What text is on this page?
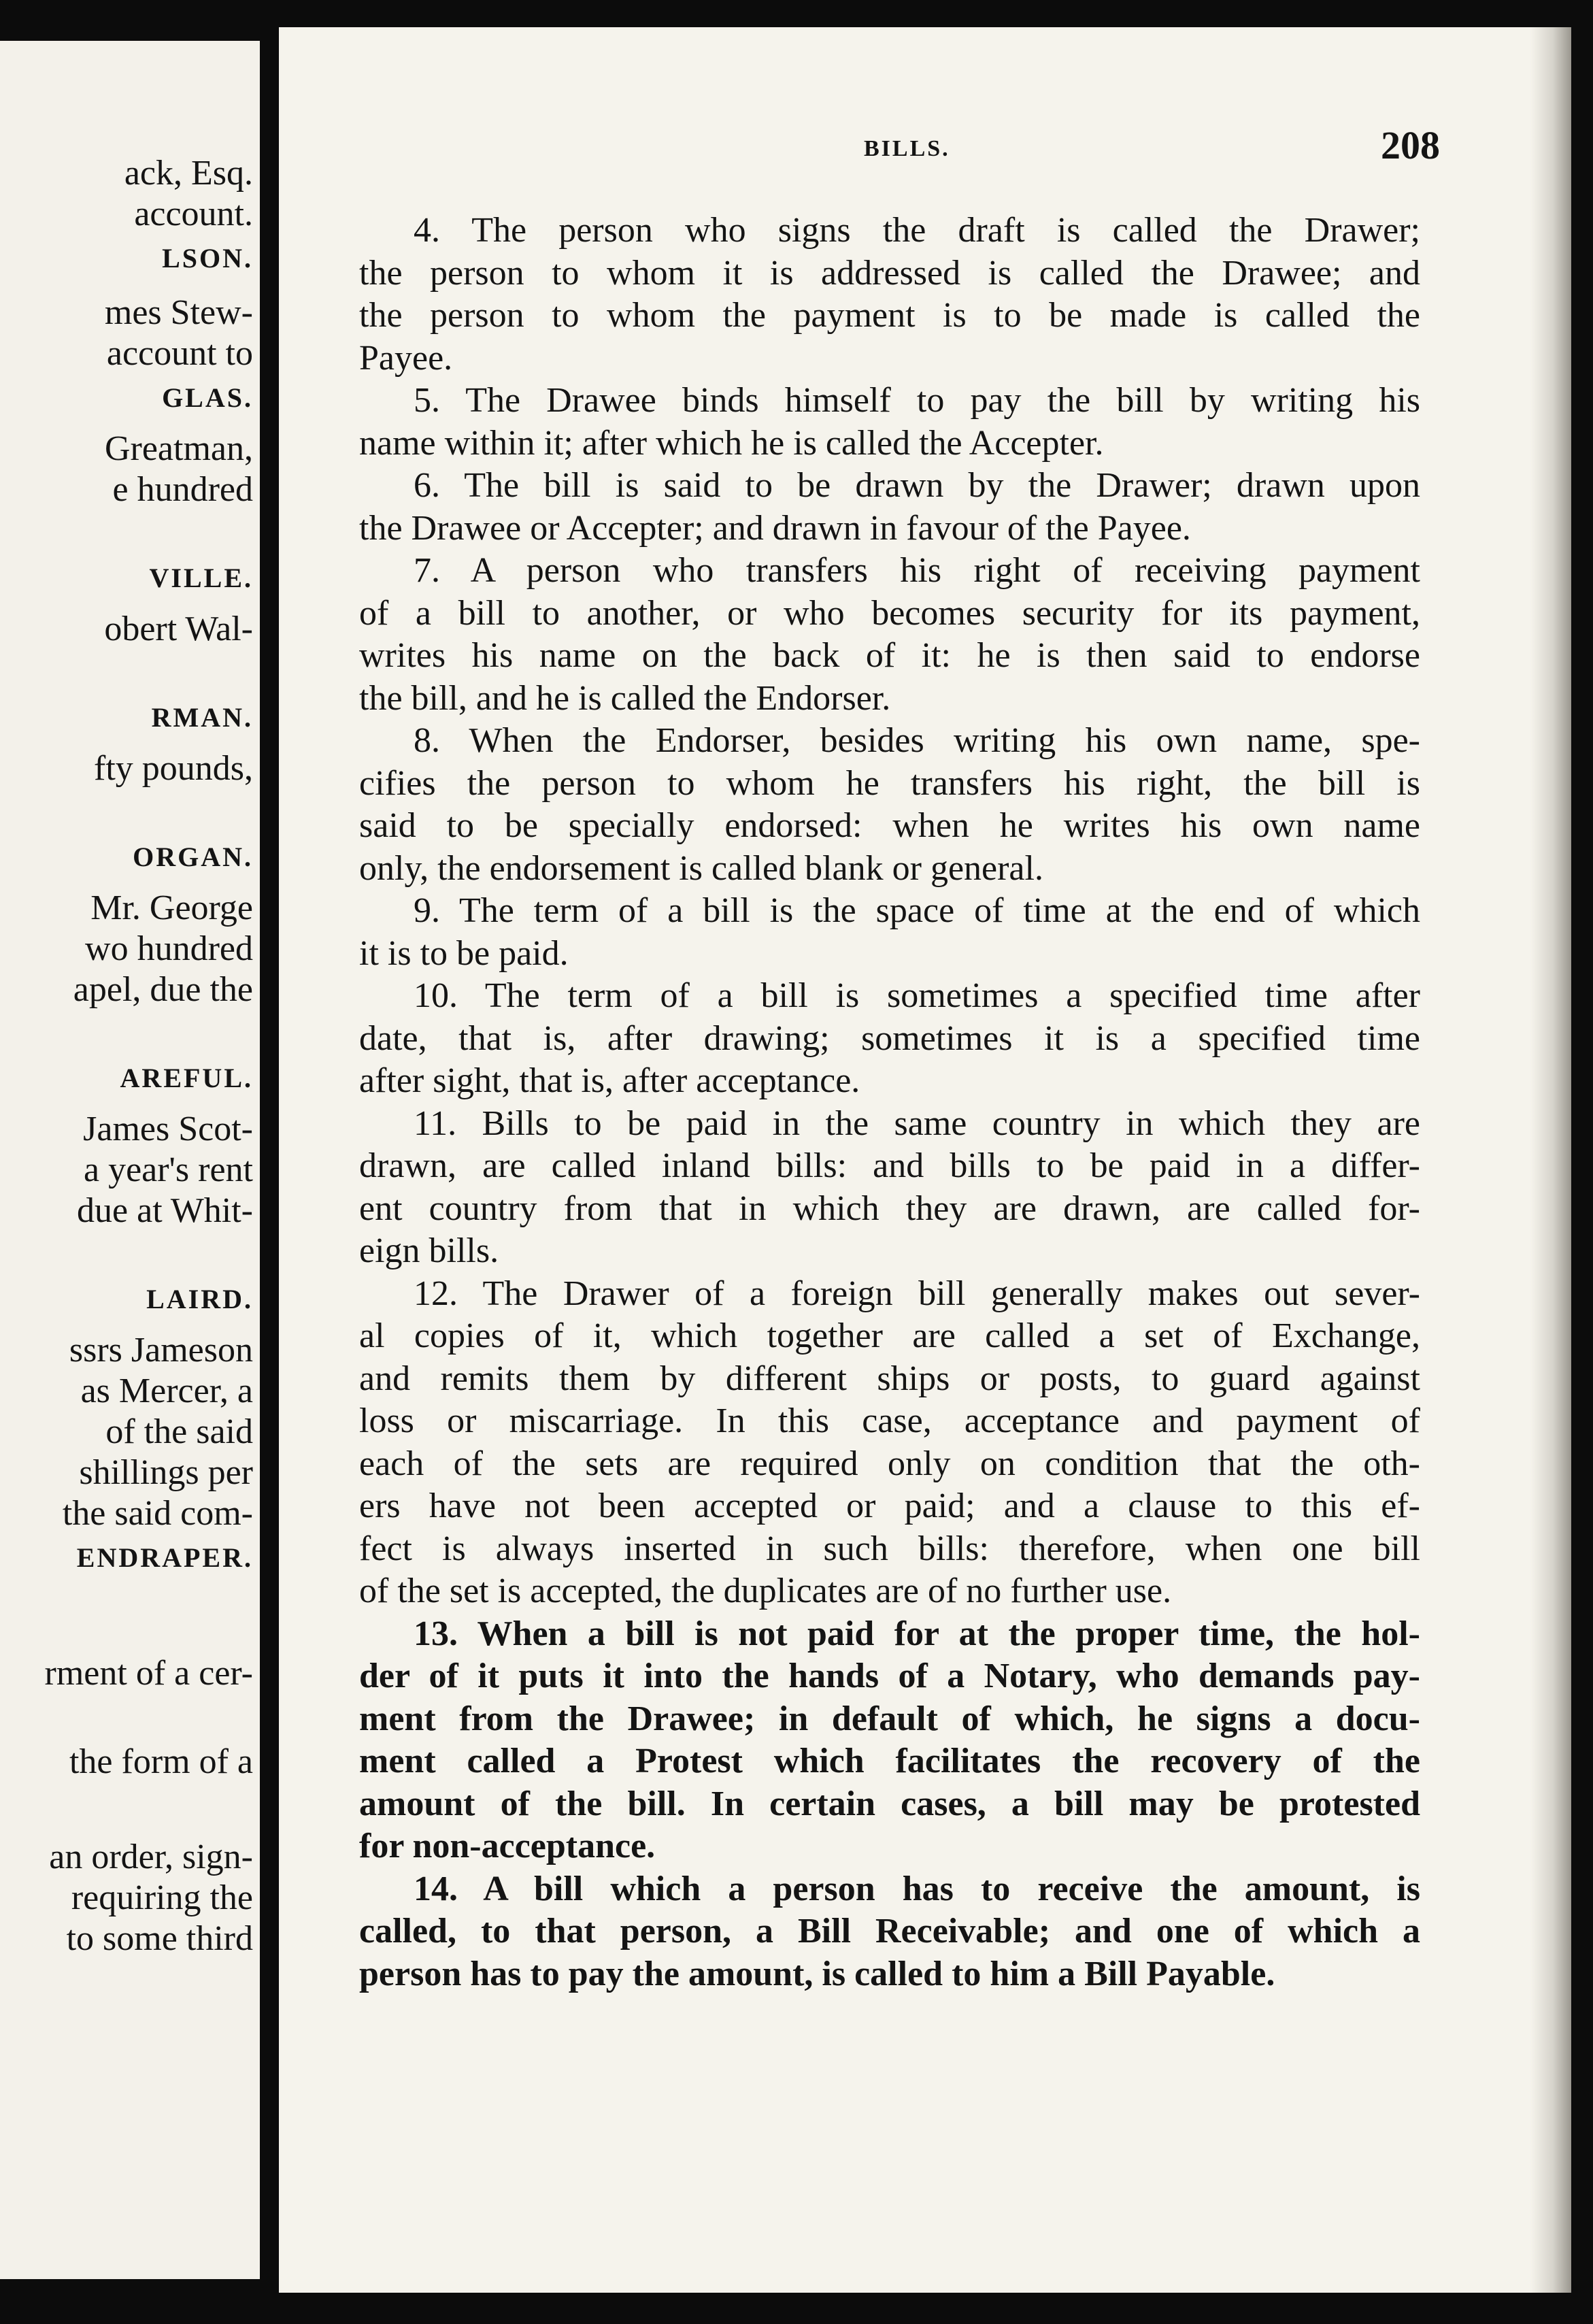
ack, Esq.
account.
LSON.
mes Stew-
account to
GLAS.
Greatman,
e hundred
VILLE.
obert Wal-
RMAN.
fty pounds,
ORGAN.
Mr. George
wo hundred
apel, due the
AREFUL.
James Scot-
a year's rent
due at Whit-
LAIRD.
ssrs Jameson
as Mercer, a
of the said
shillings per
the said com-
ENDRAPER.
rment of a cer-
the form of a
an order, sign-
requiring the
to some third
BILLS.	208
4. The person who signs the draft is called the Drawer;
the person to whom it is addressed is called the Drawee; and
the person to whom the payment is to be made is called the
Payee.
5. The Drawee binds himself to pay the bill by writing his
name within it; after which he is called the Accepter.
6. The bill is said to be drawn by the Drawer; drawn upon
the Drawee or Accepter; and drawn in favour of the Payee.
7. A person who transfers his right of receiving payment
of a bill to another, or who becomes security for its payment,
writes his name on the back of it: he is then said to endorse
the bill, and he is called the Endorser.
8. When the Endorser, besides writing his own name, spe-
cifies the person to whom he transfers his right, the bill is
said to be specially endorsed: when he writes his own name
only, the endorsement is called blank or general.
9. The term of a bill is the space of time at the end of which
it is to be paid.
10. The term of a bill is sometimes a specified time after
date, that is, after drawing; sometimes it is a specified time
after sight, that is, after acceptance.
11. Bills to be paid in the same country in which they are
drawn, are called inland bills: and bills to be paid in a differ-
ent country from that in which they are drawn, are called for-
eign bills.
12. The Drawer of a foreign bill generally makes out sever-
al copies of it, which together are called a set of Exchange,
and remits them by different ships or posts, to guard against
loss or miscarriage. In this case, acceptance and payment of
each of the sets are required only on condition that the oth-
ers have not been accepted or paid; and a clause to this ef-
fect is always inserted in such bills: therefore, when one bill
of the set is accepted, the duplicates are of no further use.
13. When a bill is not paid for at the proper time, the hol-
der of it puts it into the hands of a Notary, who demands pay-
ment from the Drawee; in default of which, he signs a docu-
ment called a Protest which facilitates the recovery of the
amount of the bill. In certain cases, a bill may be protested
for non-acceptance.
14. A bill which a person has to receive the amount, is
called, to that person, a Bill Receivable; and one of which a
person has to pay the amount, is called to him a Bill Payable.
